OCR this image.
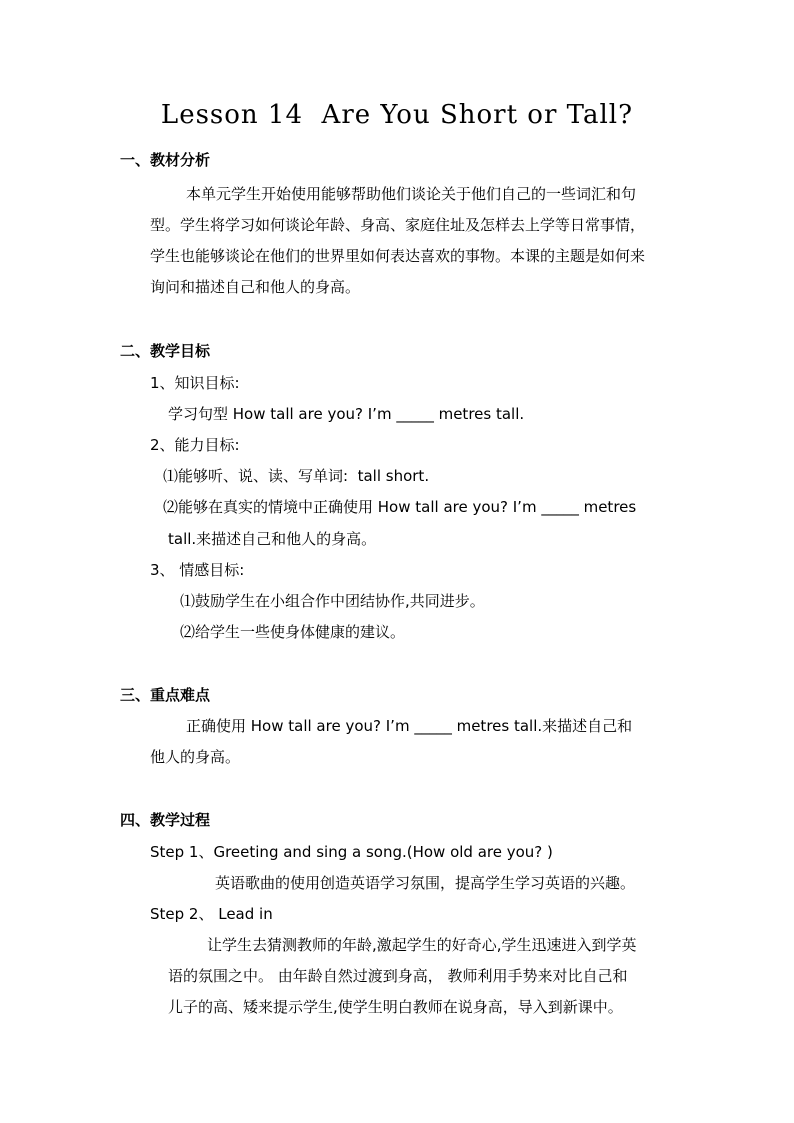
Lesson 14  Are You Short or Tall?
一、教材分析
本单元学生开始使用能够帮助他们谈论关于他们自己的一些词汇和句
型。学生将学习如何谈论年龄、身高、家庭住址及怎样去上学等日常事情，
学生也能够谈论在他们的世界里如何表达喜欢的事物。本课的主题是如何来
询问和描述自己和他人的身高。
二、教学目标
1、知识目标:
学习句型 How tall are you? I’m _____ metres tall.
2、能力目标:
⑴能够听、说、读、写单词:  tall short.
⑵能够在真实的情境中正确使用 How tall are you? I’m _____ metres
tall.来描述自己和他人的身高。
3、 情感目标:
⑴鼓励学生在小组合作中团结协作,共同进步。
⑵给学生一些使身体健康的建议。
三、重点难点
正确使用 How tall are you? I’m _____ metres tall.来描述自己和
他人的身高。
四、教学过程
Step 1、Greeting and sing a song.(How old are you? )
英语歌曲的使用创造英语学习氛围，提高学生学习英语的兴趣。
Step 2、 Lead in
让学生去猜测教师的年龄,激起学生的好奇心,学生迅速进入到学英
语的氛围之中。 由年龄自然过渡到身高， 教师利用手势来对比自己和
儿子的高、矮来提示学生,使学生明白教师在说身高，导入到新课中。
